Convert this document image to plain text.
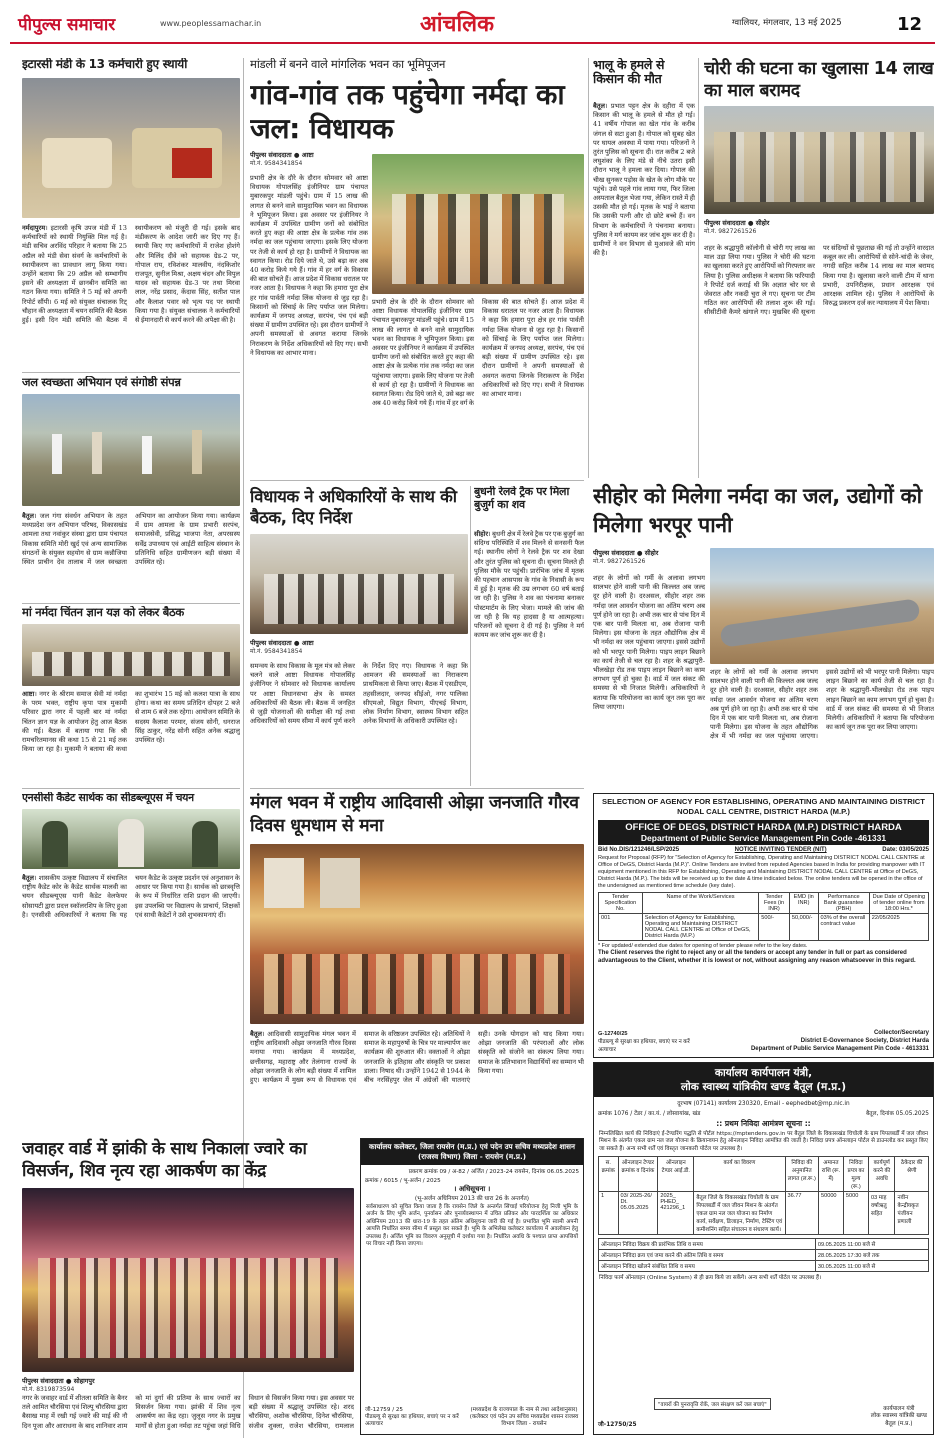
पीपुल्स समाचार	www.peoplessamachar.in	आंचलिक	ग्वालियर, मंगलवार, 13 मई 2025	12
इटारसी मंडी के 13 कर्मचारी हुए स्थायी
नर्मदापुरम। इटारसी कृषि उपज मंडी में 13 कर्मचारियों को स्थायी नियुक्ति मिल गई है। मंडी सचिव अरविंद परिहार ने बताया कि 25 अप्रैल को मंडी सेवा संवर्ग के कर्मचारियों के स्थायीकरण का प्रावधान लागू किया गया। उन्होंने बताया कि 29 अप्रैल को सम्भागीय इसने की अध्यक्षता में छानबीन समिति का गठन किया गया। समिति ने 5 मई को अपनी रिपोर्ट सौंपी। 6 मई को संयुक्त संचालक रिट् चौहान की अध्यक्षता में चयन समिति की बैठक हुई। इसी दिन मंडी समिति की बैठक में स्थायीकरण को मंजूरी दी गई। इसके बाद मंडीकरण के आदेश जारी कर दिए गए हैं। स्थायी किए गए कर्मचारियों में राजेश होशंगे और मिलिंद दीवे को सहायक ग्रेड-2 पर, गोपाल राय, रविशंकर मालवीय, नंदकिशोर राजपूत, सुनील मिश्रा, अक्षय चंदन और विपुल यादव को सहायक ग्रेड-3 पर तथा मिरवा लाल, नरेंद्र प्रसाद, केंदास सिंह, सतीश पाल और कैलाश पवार को भृत्य पद पर स्थायी किया गया है। संयुक्त संचालक ने कर्मचारियों से ईमानदारी से कार्य करने की अपेक्षा की है।
जल स्वच्छता अभियान एवं संगोष्ठी संपन्न
बैतूल। जल गंगा संवर्धन अभियान के तहत मध्यप्रदेश जन अभियान परिषद, विकासखंड आमला तथा नवांकुर संस्था द्वारा ग्राम पंचायत विकास समिति मोरी खुर्द एवं अन्य सामाजिक संगठनों के संयुक्त सहयोग से ग्राम कन्नौजिया स्थित प्राचीन देव तालाब में जल स्वच्छता अभियान का आयोजन किया गया। कार्यक्रम में ग्राम आमला के ग्राम प्रभारी सरपंच, समाजसेवी, प्रसिद्ध भाजपा नेता, अपरसस्य सर्वेंद्र उपाध्याय एवं आईटी साहित्य संस्थान के प्रतिनिधि सहित ग्रामीणजन बड़ी संख्या में उपस्थित रहे।
मां नर्मदा चिंतन ज्ञान यज्ञ को लेकर बैठक
आष्टा। नगर के श्रीराम समाज सेवी मां नर्मदा के परम भक्त, राष्ट्रीय कृपा पात्र मुकामी परिवार द्वारा नगर में पहली बार मां नर्मदा चिंतन ज्ञान यज्ञ के आयोजन हेतु आज बैठक की गई। बैठक में बताया गया कि श्री रामचरितमानस की कथा 15 से 21 मई तक किया जा रहा है। मुकामी ने बताया की कथा का शुभारंभ 15 मई को कलश यात्रा के साथ होगा। कथा का समय प्रतिदिन दोपहर 2 बजे से शाम 6 बजे तक रहेगा। आयोजन समिति के सदस्य कैलाश परमार, संजय सोनी, धनराज सिंह ठाकुर, नरेंद्र सोनी सहित अनेक श्रद्धालु उपस्थित रहे।
एनसीसी कैडेट सार्थक का सीडब्ल्यूएस में चयन
बैतूल। शासकीय उत्कृष्ट विद्यालय में संचालित राष्ट्रीय कैडेट कोर के कैडेट सार्थक मालवी का चयन सीडब्ल्यूएस यानी कैडेट वेलफेयर सोसायटी द्वारा प्रदत्त स्कॉलरशिप के लिए हुआ है। एनसीसी अधिकारियों ने बताया कि यह चयन कैडेट के उत्कृष्ट प्रदर्शन एवं अनुशासन के आधार पर किया गया है। सार्थक को छात्रवृत्ति के रूप में निर्धारित राशि प्रदान की जाएगी। इस उपलब्धि पर विद्यालय के प्राचार्य, शिक्षकों एवं साथी कैडेटों ने उसे शुभकामनाएं दीं।
मांडली में बनने वाले मांगलिक भवन का भूमिपूजन
गांव-गांव तक पहुंचेगा नर्मदा का जल: विधायक
पीपुल्स संवाददाता ● आष्टा
मो.नं. 9584341854
प्रभारी क्षेत्र के दौरे के दौरान सोमवार को आष्टा विधायक गोपालसिंह इंजीनियर ग्राम पंचायत मुबारकपुर मांडली पहुंचे। ग्राम में 15 लाख की लागत से बनने वाले सामुदायिक भवन का विधायक ने भूमिपूजन किया। इस अवसर पर इंजीनियर ने कार्यक्रम में उपस्थित ग्रामीण जनों को संबोधित करते हुए कहा की आष्टा क्षेत्र के प्रत्येक गांव तक नर्मदा का जल पहुंचाया जाएगा। इसके लिए योजना पर तेजी से कार्य हो रहा है। ग्रामीणों ने विधायक का स्वागत किया। रोड दिये जाते थे, उसे बढ़ा कर अब 40 करोड़ किये गये हैं। गांव में हर वर्ग के विकास की बात सोचते हैं। आज प्रदेश में विकास धरातल पर नजर आता है। विधायक ने कहा कि हमारा पूरा क्षेत्र हर गांव पार्वती नर्मदा लिंक योजना से जुड़ रहा है। किसानों को सिंचाई के लिए पर्याप्त जल मिलेगा। कार्यक्रम में जनपद अध्यक्ष, सरपंच, पंच एवं बड़ी संख्या में ग्रामीण उपस्थित रहे। इस दौरान ग्रामीणों ने अपनी समस्याओं से अवगत कराया जिनके निराकरण के निर्देश अधिकारियों को दिए गए। सभी ने विधायक का आभार माना।
प्रभारी क्षेत्र के दौरे के दौरान सोमवार को आष्टा विधायक गोपालसिंह इंजीनियर ग्राम पंचायत मुबारकपुर मांडली पहुंचे। ग्राम में 15 लाख की लागत से बनने वाले सामुदायिक भवन का विधायक ने भूमिपूजन किया। इस अवसर पर इंजीनियर ने कार्यक्रम में उपस्थित ग्रामीण जनों को संबोधित करते हुए कहा की आष्टा क्षेत्र के प्रत्येक गांव तक नर्मदा का जल पहुंचाया जाएगा। इसके लिए योजना पर तेजी से कार्य हो रहा है। ग्रामीणों ने विधायक का स्वागत किया। रोड दिये जाते थे, उसे बढ़ा कर अब 40 करोड़ किये गये हैं। गांव में हर वर्ग के विकास की बात सोचते हैं। आज प्रदेश में विकास धरातल पर नजर आता है। विधायक ने कहा कि हमारा पूरा क्षेत्र हर गांव पार्वती नर्मदा लिंक योजना से जुड़ रहा है। किसानों को सिंचाई के लिए पर्याप्त जल मिलेगा। कार्यक्रम में जनपद अध्यक्ष, सरपंच, पंच एवं बड़ी संख्या में ग्रामीण उपस्थित रहे। इस दौरान ग्रामीणों ने अपनी समस्याओं से अवगत कराया जिनके निराकरण के निर्देश अधिकारियों को दिए गए। सभी ने विधायक का आभार माना।
भालू के हमले से किसान की मौत
बैतूल। प्रभात पट्टन क्षेत्र के दहीरा में एक किसान की भालू के हमले से मौत हो गई। 41 वर्षीय गोपाल का खेत गांव के करीब जंगल से सटा हुआ है। गोपाल को सुबह खेत पर घायल अवस्था में पाया गया। परिजनों ने तुरंत पुलिस को सूचना दी। रात करीब 2 बजे लघुशंका के लिए मंडे से नीचे उतरा इसी दौरान भालू ने हमला कर दिया। गोपाल की चीख सुनकर पड़ोस के खेत के लोग मौके पर पहुंचे। उसे पहले गांव लाया गया, फिर जिला अस्पताल बैतूल भेजा गया, लेकिन रास्ते में ही उसकी मौत हो गई। मृतक के भाई ने बताया कि उसकी पत्नी और दो छोटे बच्चे हैं। वन विभाग के कर्मचारियों ने पंचनामा बनाया। पुलिस ने मर्ग कायम कर जांच शुरू कर दी है। ग्रामीणों ने वन विभाग से मुआवजे की मांग की है।
चोरी की घटना का खुलासा 14 लाख का माल बरामद
पीपुल्स संवाददाता ● सीहोर
मो.नं. 9827261526
शहर के श्रद्धापुरी कॉलोनी से चोरी गए लाख का माल उड़ा लिया गया। पुलिस ने चोरी की घटना का खुलासा करते हुए आरोपियों को गिरफ्तार कर लिया है। पुलिस अधीक्षक ने बताया कि फरियादी ने रिपोर्ट दर्ज कराई थी कि अज्ञात चोर घर से जेवरात और नकदी चुरा ले गए। सूचना पर टीम गठित कर आरोपियों की तलाश शुरू की गई। सीसीटीवी कैमरे खंगाले गए। मुखबिर की सूचना पर संदिग्धों से पूछताछ की गई तो उन्होंने वारदात कबूल कर ली। आरोपियों से सोने-चांदी के जेवर, नगदी सहित करीब 14 लाख का माल बरामद किया गया है। खुलासा करने वाली टीम में थाना प्रभारी, उपनिरीक्षक, प्रधान आरक्षक एवं आरक्षक शामिल रहे। पुलिस ने आरोपियों के विरुद्ध प्रकरण दर्ज कर न्यायालय में पेश किया।
विधायक ने अधिकारियों के साथ की बैठक, दिए निर्देश
पीपुल्स संवाददाता ● आष्टा
मो.नं. 9584341854
समन्वय के साथ विकास के मूल मंत्र को लेकर चलने वाले आष्टा विधायक गोपालसिंह इंजीनियर ने सोमवार को विधायक कार्यालय पर आष्टा विधानसभा क्षेत्र के समस्त अधिकारियों की बैठक ली। बैठक में जनहित से जुड़ी योजनाओं की समीक्षा की गई तथा अधिकारियों को समय सीमा में कार्य पूर्ण करने के निर्देश दिए गए। विधायक ने कहा कि आमजन की समस्याओं का निराकरण प्राथमिकता से किया जाए। बैठक में एसडीएम, तहसीलदार, जनपद सीईओ, नगर पालिका सीएमओ, विद्युत विभाग, पीएचई विभाग, लोक निर्माण विभाग, स्वास्थ्य विभाग सहित अनेक विभागों के अधिकारी उपस्थित रहे।
बुधनी रेलवे ट्रैक पर मिला बुजुर्ग का शव
सीहोर। बुधनी क्षेत्र में रेलवे ट्रैक पर एक बुजुर्ग का संदिग्ध परिस्थिति में शव मिलने से सनसनी फैल गई। स्थानीय लोगों ने रेलवे ट्रैक पर शव देखा और तुरंत पुलिस को सूचना दी। सूचना मिलते ही पुलिस मौके पर पहुंची। प्रारंभिक जांच में मृतक की पहचान आसपास के गांव के निवासी के रूप में हुई है। मृतक की उम्र लगभग 60 वर्ष बताई जा रही है। पुलिस ने शव का पंचनामा बनाकर पोस्टमार्टम के लिए भेजा। मामले की जांच की जा रही है कि यह हादसा है या आत्महत्या। परिजनों को सूचना दे दी गई है। पुलिस ने मर्ग कायम कर जांच शुरू कर दी है।
सीहोर को मिलेगा नर्मदा का जल, उद्योगों को मिलेगा भरपूर पानी
पीपुल्स संवाददाता ● सीहोर
मो.नं. 9827261526
शहर के लोगों को गर्मी के अलावा लगभग सालभर होने वाली पानी की किल्लत अब जल्द दूर होने वाली है। दरअसल, सीहोर शहर तक नर्मदा जल आवर्धन योजना का अंतिम चरण अब पूर्ण होने जा रहा है। अभी तक चार से पांच दिन में एक बार पानी मिलता था, अब रोजाना पानी मिलेगा। इस योजना के तहत औद्योगिक क्षेत्र में भी नर्मदा का जल पहुंचाया जाएगा। इससे उद्योगों को भी भरपूर पानी मिलेगा। पाइप लाइन बिछाने का कार्य तेजी से चल रहा है। शहर के श्रद्धापुरी-भीलखेड़ा रोड तक पाइप लाइन बिछाने का काम लगभग पूर्ण हो चुका है। वार्ड में जल संकट की समस्या से भी निजात मिलेगी। अधिकारियों ने बताया कि परियोजना का कार्य जून तक पूरा कर लिया जाएगा।
शहर के लोगों को गर्मी के अलावा लगभग सालभर होने वाली पानी की किल्लत अब जल्द दूर होने वाली है। दरअसल, सीहोर शहर तक नर्मदा जल आवर्धन योजना का अंतिम चरण अब पूर्ण होने जा रहा है। अभी तक चार से पांच दिन में एक बार पानी मिलता था, अब रोजाना पानी मिलेगा। इस योजना के तहत औद्योगिक क्षेत्र में भी नर्मदा का जल पहुंचाया जाएगा। इससे उद्योगों को भी भरपूर पानी मिलेगा। पाइप लाइन बिछाने का कार्य तेजी से चल रहा है। शहर के श्रद्धापुरी-भीलखेड़ा रोड तक पाइप लाइन बिछाने का काम लगभग पूर्ण हो चुका है। वार्ड में जल संकट की समस्या से भी निजात मिलेगी। अधिकारियों ने बताया कि परियोजना का कार्य जून तक पूरा कर लिया जाएगा।
मंगल भवन में राष्ट्रीय आदिवासी ओझा जनजाति गौरव दिवस धूमधाम से मना
बैतूल। आदिवासी सामुदायिक मंगल भवन में राष्ट्रीय आदिवासी ओझा जनजाति गौरव दिवस मनाया गया। कार्यक्रम में मध्यप्रदेश, छत्तीसगढ़, महाराष्ट्र और तेलंगाना राज्यों के ओझा जनजाति के लोग बड़ी संख्या में शामिल हुए। कार्यक्रम में मुख्य रूप से विधायक एवं समाज के वरिष्ठजन उपस्थित रहे। अतिथियों ने समाज के महापुरुषों के चित्र पर माल्यार्पण कर कार्यक्रम की शुरुआत की। वक्ताओं ने ओझा जनजाति के इतिहास और संस्कृति पर प्रकाश डाला। निषाद थी। उन्होंने 1942 से 1944 के बीच नरसिंहपुर जेल में अंग्रेजों की यातनाएं सही। उनके योगदान को याद किया गया। ओझा जनजाति की परंपराओं और लोक संस्कृति को संजोने का संकल्प लिया गया। समाज के प्रतिभावान विद्यार्थियों का सम्मान भी किया गया।
SELECTION OF AGENCY FOR ESTABLISHING, OPERATING AND MAINTAINING DISTRICT NODAL CALL CENTRE, DISTRICT HARDA (M.P.)
OFFICE OF DEGS, DISTRICT HARDA (M.P.) DISTRICT HARDA
Department of Public Service Management Pin Code -461331
Bid No.DIS/121246/LSP/2025	NOTICE INVITING TENDER (NIT)	Date: 03/05/2025
Request for Proposal (RFP) for "Selection of Agency for Establishing, Operating and Maintaining DISTRICT NODAL CALL CENTRE at Office of DeGS, District Harda (M.P.)". Online Tenders are invited from reputed Agencies based in India for providing manpower with IT equipment mentioned in this RFP for Establishing, Operating and Maintaining DISTRICT NODAL CALL CENTRE at Office of DeGS, District Harda (M.P.). The bids will be received up to the date & time indicated below. The online tenders will be opened in the office of the undersigned as mentioned time schedule (key date).
Tender Specification No.	Name of the Work/Services	Tender Fees (in INR)	EMD (in INR)	Performance Bank guarantee (PBH)	Due Date of Opening of tender online from 18:00 Hrs.*
001	Selection of Agency for Establishing, Operating and Maintaining DISTRICT NODAL CALL CENTRE at Office of DeGS, District Harda (M.P.)	500/-	50,000/-	03% of the overall contract value	22/05/2025
* For updated/ extended due dates for opening of tender please refer to the key dates.
The Client reserves the right to reject any or all the tenders or accept any tender in full or part as considered advantageous to the Client, whether it is lowest or not, without assigning any reason whatsoever in this regard.
G-12740/25
पीडब्ल्यू से सुरक्षा का हथियार, बचाएं पर न करें अत्याचार
Collector/Secretary
District E-Governance Society, District Harda
Department of Public Service Management Pin Code - 4613331
जवाहर वार्ड में झांकी के साथ निकाला ज्वारे का विसर्जन, शिव नृत्य रहा आकर्षण का केंद्र
पीपुल्स संवाददाता ● सोहागपुर
मो.नं. 8319873594
नगर के जवाहर वार्ड में शीतला समिति के बैनर तले आमित चौरसिया एवं शिल्पू चौरसिया द्वारा बैसाख माह में रखी गई ज्वारे की माई की नौ दिन पूजा और आराधना के बाद शानिवार शाम को मां दुर्गा की प्रतिमा के साथ ज्वारों का विसर्जन किया गया। झांकी में शिव नृत्य आकर्षण का केंद्र रहा। जुलूस नगर के प्रमुख मार्गों से होता हुआ नर्मदा तट पहुंचा जहां विधि विधान से विसर्जन किया गया। इस अवसर पर बड़ी संख्या में श्रद्धालु उपस्थित रहे। शरद चौरसिया, अशोक चौरसिया, दिनेश चौरसिया, संजीव शुक्ला, राजेश चौरसिया, रामलाल
कार्यालय कलेक्टर, जिला रायसेन (म.प्र.) एवं पदेन उप सचिव मध्यप्रदेश शासन (राजस्व विभाग) जिला - रायसेन (म.प्र.)
प्रकरण क्रमांक 09 / अ-82 / अर्जित / 2023-24 रायसेन, दिनांक 06.05.2025
क्रमांक / 6015 / भू-अर्जन / 2025
। अधिसूचना ।
(भू-अर्जन अधिनियम 2013 की धारा 26 के अन्तर्गत)
सर्वसाधारण को सूचित किया जाता है कि रायसेन जिले के अन्तर्गत सिंचाई परियोजना हेतु निजी भूमि के अर्जन के लिए भूमि अर्जन, पुनर्वासन और पुनर्व्यवस्थापन में उचित प्रतिकर और पारदर्शिता का अधिकार अधिनियम 2013 की धारा-19 के तहत अंतिम अधिसूचना जारी की गई है। प्रभावित भूमि स्वामी अपनी आपत्ति निर्धारित समय सीमा में प्रस्तुत कर सकते हैं। भूमि के अभिलेख कलेक्टर कार्यालय में अवलोकन हेतु उपलब्ध हैं। अर्जित भूमि का विवरण अनुसूची में दर्शाया गया है। निर्धारित अवधि के पश्चात प्राप्त आपत्तियों पर विचार नहीं किया जाएगा।
जी-12759 / 25
पीडब्ल्यू से सुरक्षा का हथियार, बचाएं पर न करें अत्याचार
(मध्यप्रदेश के राज्यपाल के नाम से तथा आदेशानुसार)
(कलेक्टर एवं पदेन उप सचिव मध्यप्रदेश शासन राजस्व विभाग जिला - रायसेन
कार्यालय कार्यपालन यंत्री,
लोक स्वास्थ्य यांत्रिकीय खण्ड बैतूल (म.प्र.)
दूरभाष (07141) कार्यालय 230320, Email - eephedbet@mp.nic.in
क्रमांक 1076 / टेंडर / का.यं. / लोस्वायांख, खंड	बैतूल, दिनांक 05.05.2025
:: प्रथम निविदा आमंत्रण सूचना ::
निम्नलिखित कार्य की निविदाएं ई-टेण्डरिंग पद्धति से पोर्टल https://mptenders.gov.in पर बैतूल जिले के विकासखंड चिचोली के ग्राम पिपलबर्डी में जल जीवन मिशन के अंतर्गत एकल ग्राम नल जल योजना के क्रियान्वयन हेतु ऑनलाइन निविदा आमंत्रित की जाती है। निविदा प्रपत्र ऑनलाइन पोर्टल से डाउनलोड कर प्रस्तुत किए जा सकते हैं। अन्य सभी शर्तें एवं विस्तृत जानकारी पोर्टल पर उपलब्ध है।
स. क्रमांक	ऑनलाइन टेण्डर क्रमांक व दिनांक	ऑनलाइन टेण्डर आई.डी.	कार्य का विवरण	निविदा की अनुमानित लागत (ल.रू.)	अमानत राशि (रू. में)	निविदा प्रपत्र का मूल्य (रू.)	कार्यपूर्ण करने की अवधि	ठेकेदार की श्रेणी
1	03/ 2025-26/ Dt. 05.05.2025	2025_ PHED_ 421296_1	बैतूल जिले के विकासखंड चिचोली के ग्राम पिपलबर्डी में जल जीवन मिशन के अंतर्गत एकल ग्राम नल जल योजना का निर्माण कार्य, सर्वेक्षण, डिजाइन, निर्माण, टेस्टिंग एवं कमीशनिंग सहित संचालन व संधारण कार्य।	36.77	50000	5000	03 माह वर्षाऋतु सहित	नवीन केन्द्रीयकृत पंजीयन प्रणाली
ऑनलाइन निविदा विक्रय की प्रारंभिक तिथि व समय	09.05.2025 11:00 बजे से
ऑनलाइन निविदा क्रय एवं जमा करने की अंतिम तिथि व समय	28.05.2025 17:30 बजे तक
ऑनलाइन निविदा खोलने संबंधित तिथि व समय	30.05.2025 11:00 बजे से
निविदा फार्म ऑनलाइन (Online System) से ही क्रय किये जा सकेंगे। अन्य सभी शर्तें पोर्टल पर उपलब्ध हैं।
"वायरों की पुनरावृत्ति रोकें, जल संरक्षण करें जल बचाएं"
जी-12750/25
कार्यपालन यंत्री
लोक स्वास्थ्य यांत्रिकी खण्ड
बैतूल (म.प्र.)
